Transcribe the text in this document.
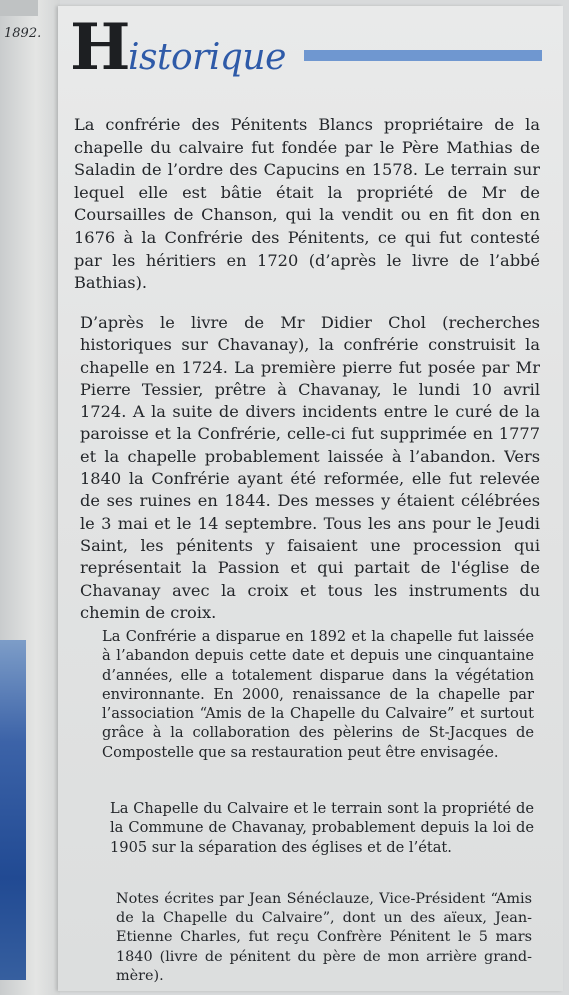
1892. H
istorique

La confrérie des Pénitents Blancs propriétaire de la chapelle du calvaire fut fondée par le Père Mathias de Saladin de l’ordre des Capucins en 1578. Le terrain sur lequel elle est bâtie était la propriété de Mr de Coursailles de Chanson, qui la vendit ou en fit don en 1676 à la Confrérie des Pénitents, ce qui fut contesté par les héritiers en 1720 (d’après le livre de l’abbé Bathias).

D’après le livre de Mr Didier Chol (recherches historiques sur Chavanay), la confrérie construisit la chapelle en 1724. La première pierre fut posée par Mr Pierre Tessier, prêtre à Chavanay, le lundi 10 avril 1724. A la suite de divers incidents entre le curé de la paroisse et la Confrérie, celle-ci fut supprimée en 1777 et la chapelle probablement laissée à l’abandon. Vers 1840 la Confrérie ayant été reformée, elle fut relevée de ses ruines en 1844. Des messes y étaient célébrées le 3 mai et le 14 septembre. Tous les ans pour le Jeudi Saint, les pénitents y faisaient une procession qui représentait la Passion et qui partait de l'église de Chavanay avec la croix et tous les instruments du chemin de croix.

La Confrérie a disparue en 1892 et la chapelle fut laissée à l’abandon depuis cette date et depuis une cinquantaine d’années, elle a totalement disparue dans la végétation environnante. En 2000, renaissance de la chapelle par l’association “Amis de la Chapelle du Calvaire” et surtout grâce à la collaboration des pèlerins de St-Jacques de Compostelle que sa restauration peut être envisagée.

La Chapelle du Calvaire et le terrain sont la propriété de la Commune de Chavanay, probablement depuis la loi de 1905 sur la séparation des églises et de l’état.

Notes écrites par Jean Sénéclauze, Vice-Président “Amis de la Chapelle du Calvaire”, dont un des aïeux, Jean-Etienne Charles, fut reçu Confrère Pénitent le 5 mars 1840 (livre de pénitent du père de mon arrière grand-mère).
